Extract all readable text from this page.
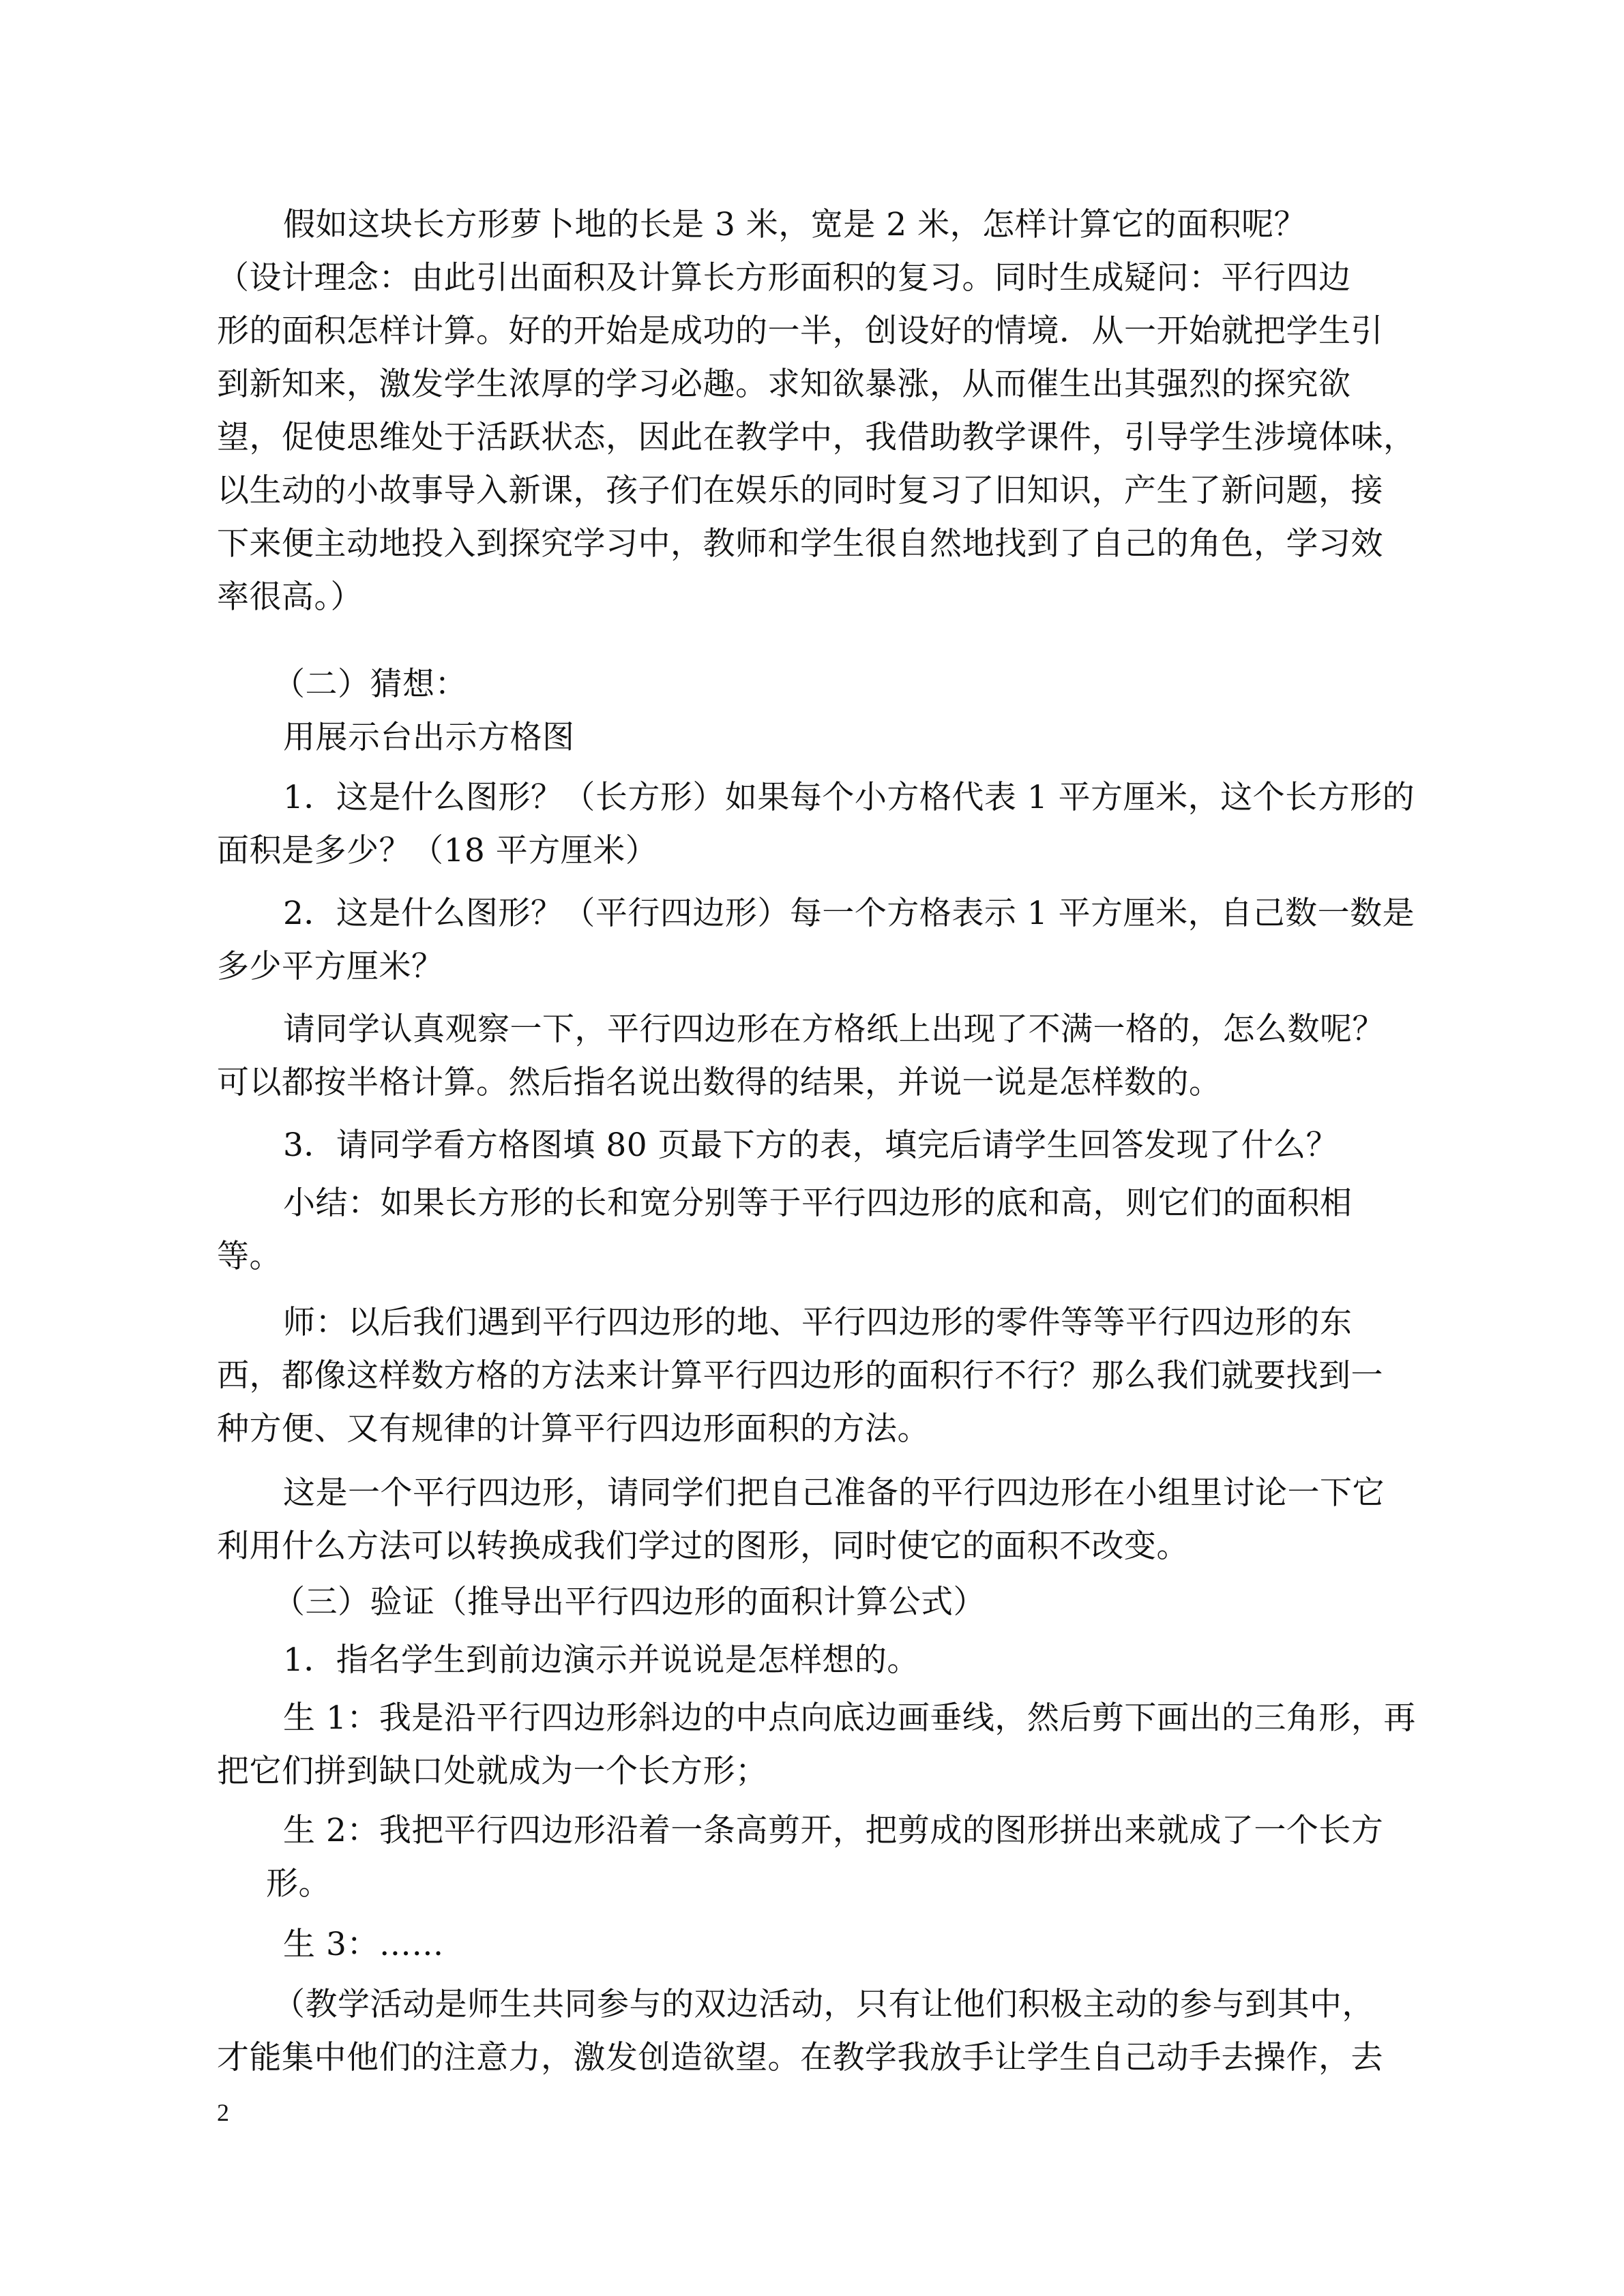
假如这块长方形萝卜地的长是 3 米，宽是 2 米，怎样计算它的面积呢？
（设计理念：由此引出面积及计算长方形面积的复习。同时生成疑问：平行四边
形的面积怎样计算。好的开始是成功的一半，创设好的情境．从一开始就把学生引
到新知来，激发学生浓厚的学习必趣。求知欲暴涨，从而催生出其强烈的探究欲
望，促使思维处于活跃状态，因此在教学中，我借助教学课件，引导学生涉境体味，
以生动的小故事导入新课，孩子们在娱乐的同时复习了旧知识，产生了新问题，接
下来便主动地投入到探究学习中，教师和学生很自然地找到了自己的角色，学习效
率很高。）
（二）猜想：
用展示台出示方格图
1．这是什么图形？（长方形）如果每个小方格代表 1 平方厘米，这个长方形的
面积是多少？（18 平方厘米）
2．这是什么图形？（平行四边形）每一个方格表示 1 平方厘米，自己数一数是
多少平方厘米？
请同学认真观察一下，平行四边形在方格纸上出现了不满一格的，怎么数呢？
可以都按半格计算。然后指名说出数得的结果，并说一说是怎样数的。
3．请同学看方格图填 80 页最下方的表，填完后请学生回答发现了什么？
小结：如果长方形的长和宽分别等于平行四边形的底和高，则它们的面积相
等。
师：以后我们遇到平行四边形的地、平行四边形的零件等等平行四边形的东
西，都像这样数方格的方法来计算平行四边形的面积行不行？那么我们就要找到一
种方便、又有规律的计算平行四边形面积的方法。
这是一个平行四边形，请同学们把自己准备的平行四边形在小组里讨论一下它
利用什么方法可以转换成我们学过的图形，同时使它的面积不改变。
（三）验证（推导出平行四边形的面积计算公式）
1．指名学生到前边演示并说说是怎样想的。
生 1：我是沿平行四边形斜边的中点向底边画垂线，然后剪下画出的三角形，再
把它们拼到缺口处就成为一个长方形；
生 2：我把平行四边形沿着一条高剪开，把剪成的图形拼出来就成了一个长方
形。
生 3：……
（教学活动是师生共同参与的双边活动，只有让他们积极主动的参与到其中，
才能集中他们的注意力，激发创造欲望。在教学我放手让学生自己动手去操作，去
2
